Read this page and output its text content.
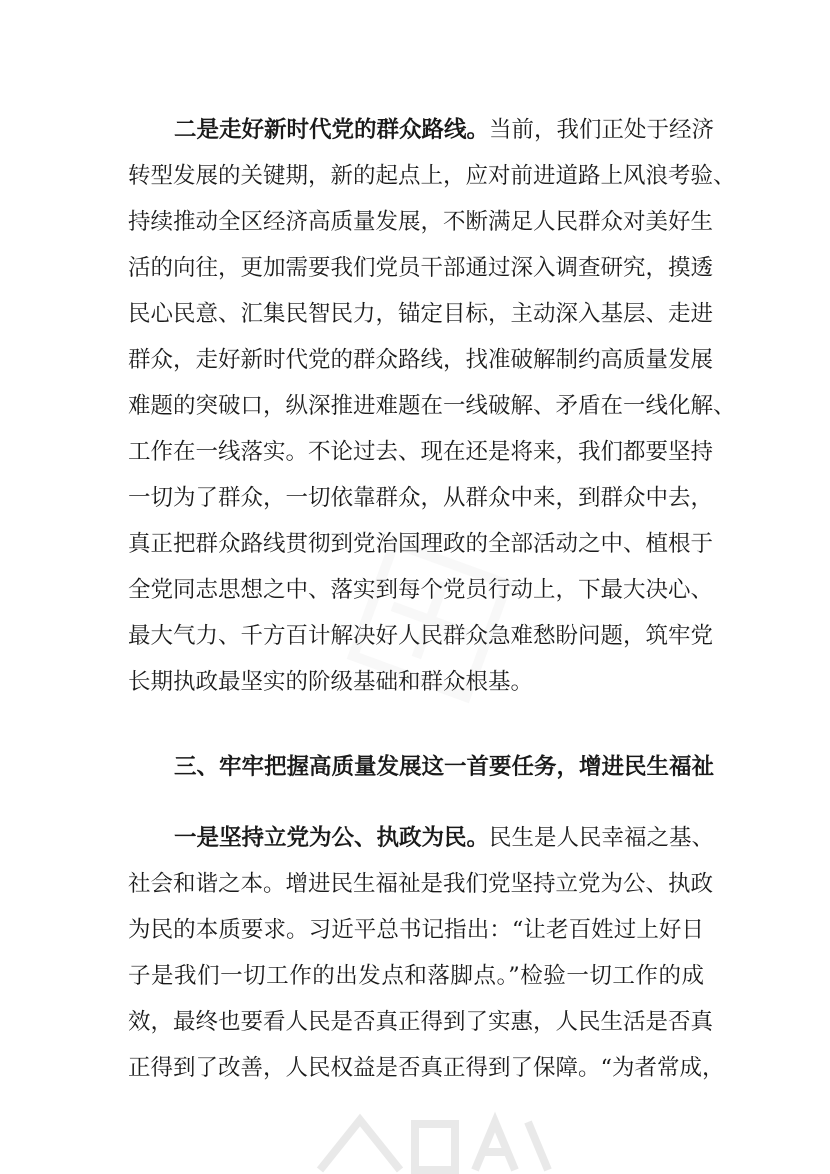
二是走好新时代党的群众路线。当前，我们正处于经济
转型发展的关键期，新的起点上，应对前进道路上风浪考验、
持续推动全区经济高质量发展，不断满足人民群众对美好生
活的向往，更加需要我们党员干部通过深入调查研究，摸透
民心民意、汇集民智民力，锚定目标，主动深入基层、走进
群众，走好新时代党的群众路线，找准破解制约高质量发展
难题的突破口，纵深推进难题在一线破解、矛盾在一线化解、
工作在一线落实。不论过去、现在还是将来，我们都要坚持
一切为了群众，一切依靠群众，从群众中来，到群众中去，
真正把群众路线贯彻到党治国理政的全部活动之中、植根于
全党同志思想之中、落实到每个党员行动上，下最大决心、
最大气力、千方百计解决好人民群众急难愁盼问题，筑牢党
长期执政最坚实的阶级基础和群众根基。
三、牢牢把握高质量发展这一首要任务，增进民生福祉
一是坚持立党为公、执政为民。民生是人民幸福之基、
社会和谐之本。增进民生福祉是我们党坚持立党为公、执政
为民的本质要求。习近平总书记指出：“让老百姓过上好日
子是我们一切工作的出发点和落脚点。”检验一切工作的成
效，最终也要看人民是否真正得到了实惠，人民生活是否真
正得到了改善，人民权益是否真正得到了保障。“为者常成，
